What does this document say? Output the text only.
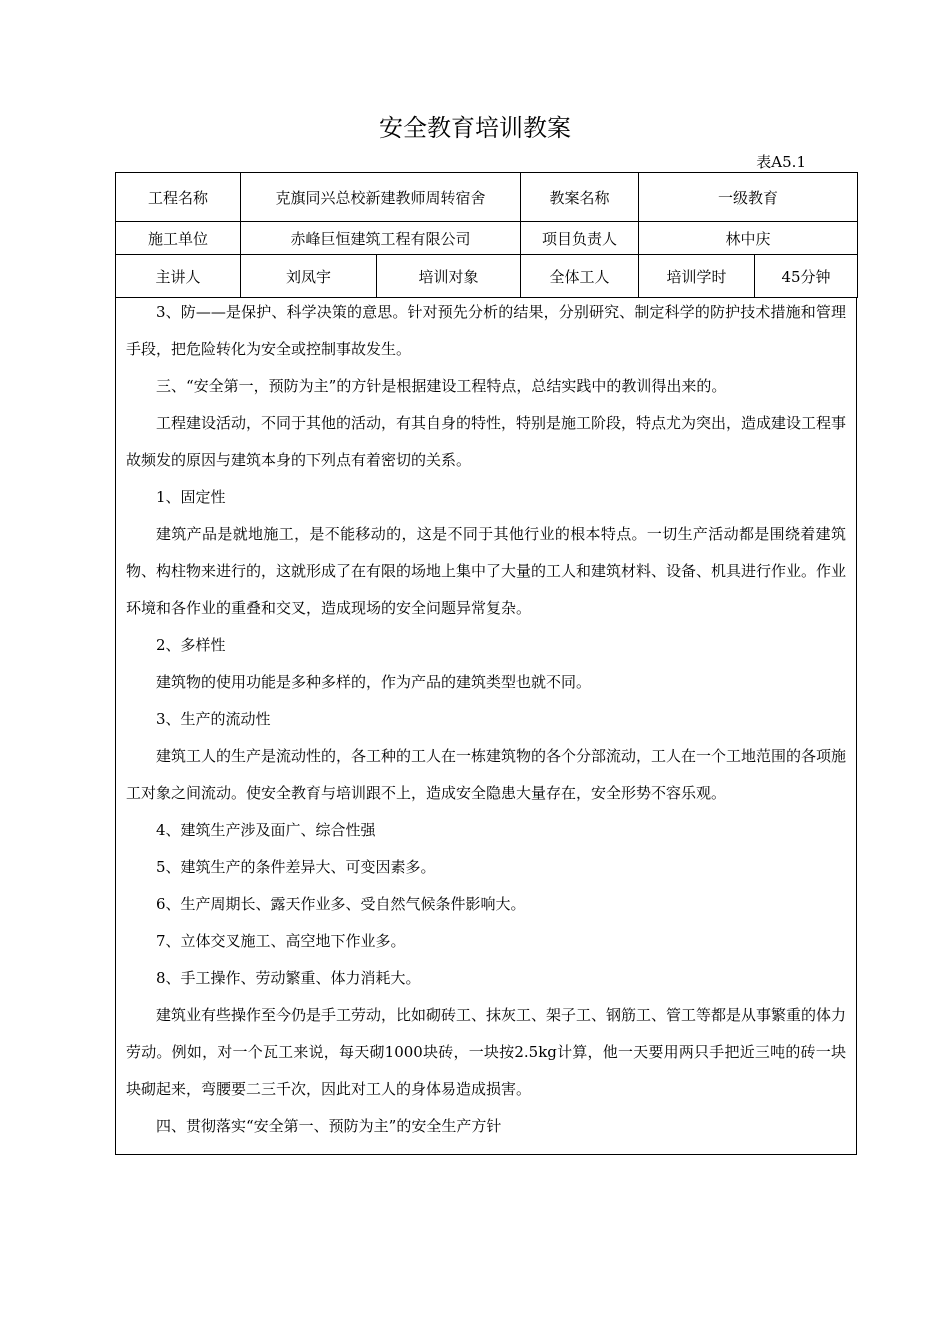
安全教育培训教案
表A5.1
工程名称	克旗同兴总校新建教师周转宿舍		教案名称	一级教育	
施工单位	赤峰巨恒建筑工程有限公司		项目负责人	林中庆	
主讲人	刘凤宇	培训对象	全体工人	培训学时	45分钟

3、防——是保护、科学决策的意思。针对预先分析的结果，分别研究、制定科学的防护技术措施和管理手段，把危险转化为安全或控制事故发生。

三、“安全第一，预防为主”的方针是根据建设工程特点，总结实践中的教训得出来的。

工程建设活动，不同于其他的活动，有其自身的特性，特别是施工阶段，特点尤为突出，造成建设工程事故频发的原因与建筑本身的下列点有着密切的关系。

1、固定性

建筑产品是就地施工，是不能移动的，这是不同于其他行业的根本特点。一切生产活动都是围绕着建筑物、构柱物来进行的，这就形成了在有限的场地上集中了大量的工人和建筑材料、设备、机具进行作业。作业环境和各作业的重叠和交叉，造成现场的安全问题异常复杂。

2、多样性

建筑物的使用功能是多种多样的，作为产品的建筑类型也就不同。

3、生产的流动性

建筑工人的生产是流动性的，各工种的工人在一栋建筑物的各个分部流动，工人在一个工地范围的各项施工对象之间流动。使安全教育与培训跟不上，造成安全隐患大量存在，安全形势不容乐观。

4、建筑生产涉及面广、综合性强

5、建筑生产的条件差异大、可变因素多。

6、生产周期长、露天作业多、受自然气候条件影响大。

7、立体交叉施工、高空地下作业多。

8、手工操作、劳动繁重、体力消耗大。

建筑业有些操作至今仍是手工劳动，比如砌砖工、抹灰工、架子工、钢筋工、管工等都是从事繁重的体力劳动。例如，对一个瓦工来说，每天砌1000块砖，一块按2.5kg计算，他一天要用两只手把近三吨的砖一块块砌起来，弯腰要二三千次，因此对工人的身体易造成损害。

四、贯彻落实“安全第一、预防为主”的安全生产方针
